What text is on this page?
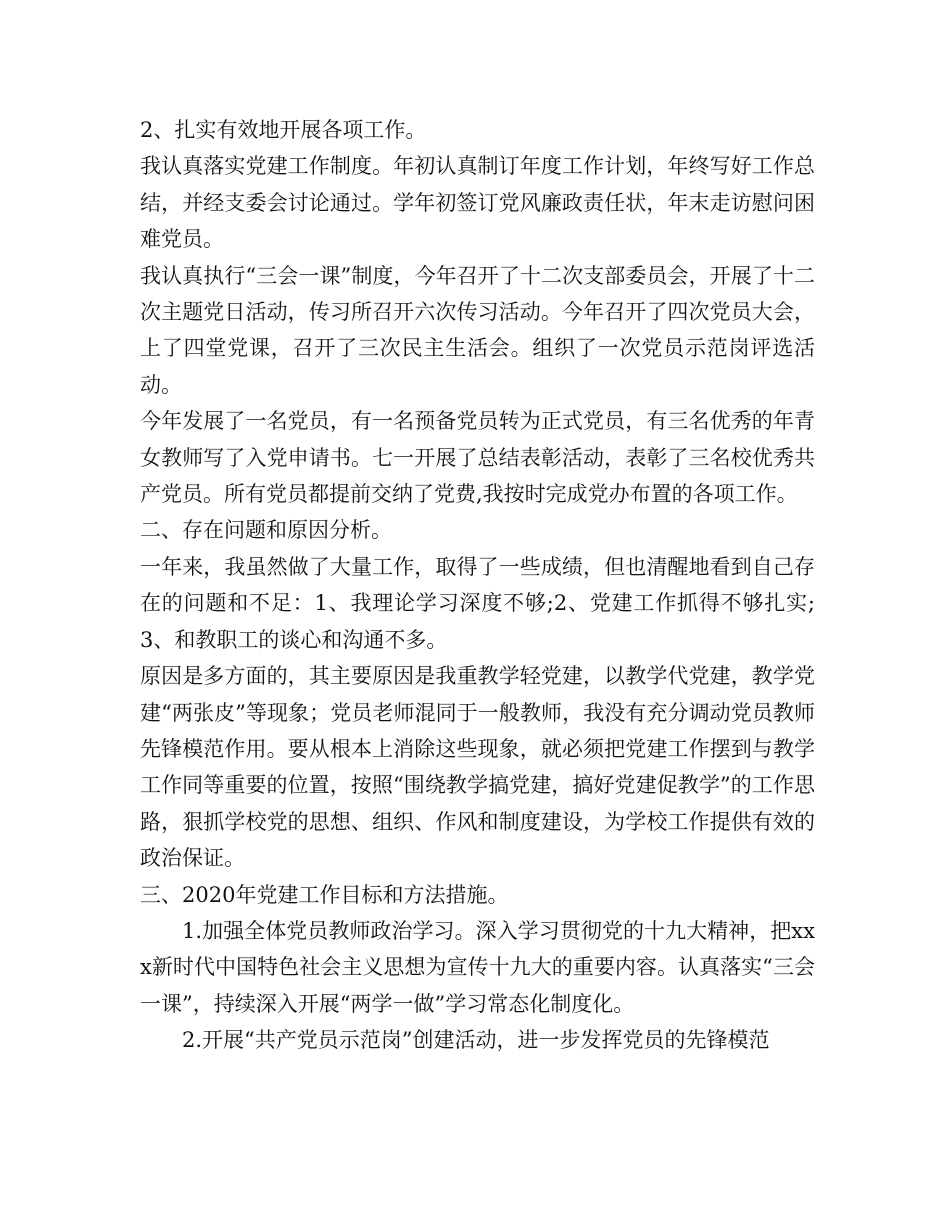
2、扎实有效地开展各项工作。

我认真落实党建工作制度。年初认真制订年度工作计划，年终写好工作总结，并经支委会讨论通过。学年初签订党风廉政责任状，年末走访慰问困难党员。

我认真执行“三会一课”制度，今年召开了十二次支部委员会，开展了十二次主题党日活动，传习所召开六次传习活动。今年召开了四次党员大会，上了四堂党课，召开了三次民主生活会。组织了一次党员示范岗评选活动。

今年发展了一名党员，有一名预备党员转为正式党员，有三名优秀的年青女教师写了入党申请书。七一开展了总结表彰活动，表彰了三名校优秀共产党员。所有党员都提前交纳了党费,我按时完成党办布置的各项工作。

二、存在问题和原因分析。

一年来，我虽然做了大量工作，取得了一些成绩，但也清醒地看到自己存在的问题和不足：1、我理论学习深度不够;2、党建工作抓得不够扎实;3、和教职工的谈心和沟通不多。

原因是多方面的，其主要原因是我重教学轻党建，以教学代党建，教学党建“两张皮”等现象；党员老师混同于一般教师，我没有充分调动党员教师先锋模范作用。要从根本上消除这些现象，就必须把党建工作摆到与教学工作同等重要的位置，按照“围绕教学搞党建，搞好党建促教学”的工作思路，狠抓学校党的思想、组织、作风和制度建设，为学校工作提供有效的政治保证。

三、2020年党建工作目标和方法措施。

1.加强全体党员教师政治学习。深入学习贯彻党的十九大精神，把xxx新时代中国特色社会主义思想为宣传十九大的重要内容。认真落实“三会一课”，持续深入开展“两学一做”学习常态化制度化。

2.开展“共产党员示范岗”创建活动，进一步发挥党员的先锋模范
